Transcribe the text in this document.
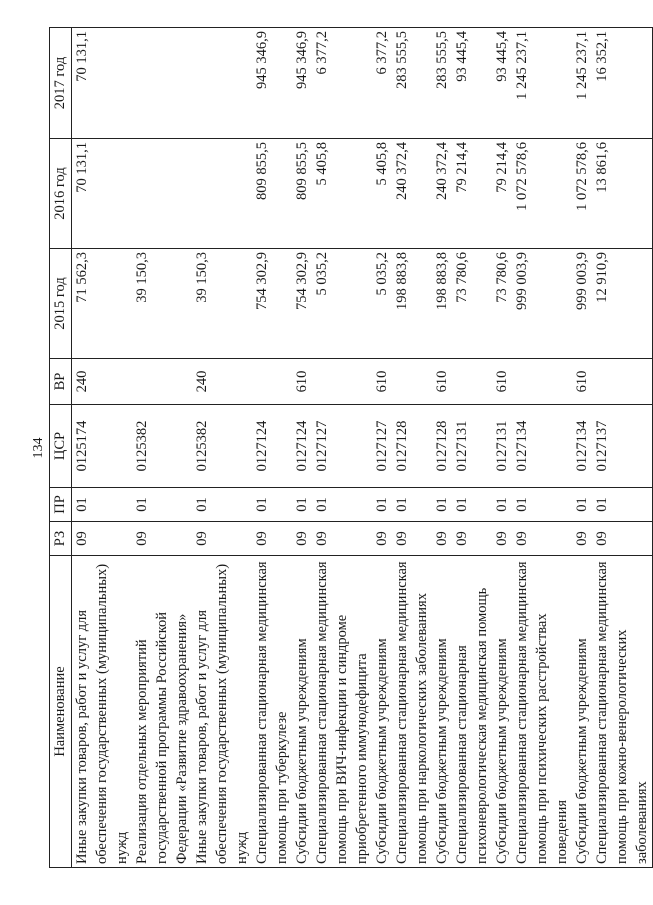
134
Наименование	РЗ	ПР	ЦСР	ВР	2015 год	2016 год	2017 год
Иные закупки товаров, работ и услуг для обеспечения государственных (муниципальных) нужд	09	01	0125174	240	71 562,3	70 131,1	70 131,1
Реализация отдельных мероприятий государственной программы Российской Федерации «Развитие здравоохранения»	09	01	0125382		39 150,3		
Иные закупки товаров, работ и услуг для обеспечения государственных (муниципальных) нужд	09	01	0125382	240	39 150,3		
Специализированная стационарная медицинская помощь при туберкулезе	09	01	0127124		754 302,9	809 855,5	945 346,9
Субсидии бюджетным учреждениям	09	01	0127124	610	754 302,9	809 855,5	945 346,9
Специализированная стационарная медицинская помощь при ВИЧ-инфекции и синдроме приобретенного иммунодефицита	09	01	0127127		5 035,2	5 405,8	6 377,2
Субсидии бюджетным учреждениям	09	01	0127127	610	5 035,2	5 405,8	6 377,2
Специализированная стационарная медицинская помощь при наркологических заболеваниях	09	01	0127128		198 883,8	240 372,4	283 555,5
Субсидии бюджетным учреждениям	09	01	0127128	610	198 883,8	240 372,4	283 555,5
Специализированная стационарная психоневрологическая медицинская помощь	09	01	0127131		73 780,6	79 214,4	93 445,4
Субсидии бюджетным учреждениям	09	01	0127131	610	73 780,6	79 214,4	93 445,4
Специализированная стационарная медицинская помощь при психических расстройствах поведения	09	01	0127134		999 003,9	1 072 578,6	1 245 237,1
Субсидии бюджетным учреждениям	09	01	0127134	610	999 003,9	1 072 578,6	1 245 237,1
Специализированная стационарная медицинская помощь при кожно-венерологических заболеваниях	09	01	0127137		12 910,9	13 861,6	16 352,1
